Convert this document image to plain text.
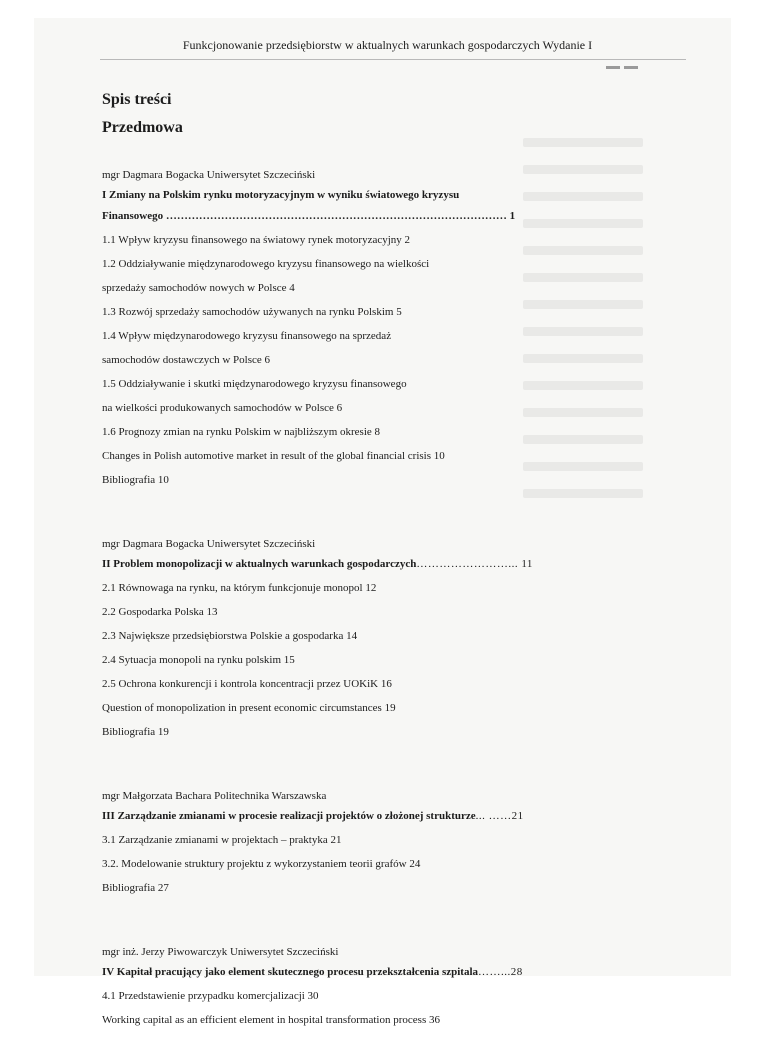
Funkcjonowanie przedsiębiorstw w aktualnych warunkach gospodarczych Wydanie I

Spis treści

Przedmowa

mgr Dagmara Bogacka Uniwersytet Szczeciński
I Zmiany na Polskim rynku motoryzacyjnym w wyniku światowego kryzysu
Finansowego ………………………………………………………………………………… 1
1.1 Wpływ kryzysu finansowego na światowy rynek motoryzacyjny 2
1.2 Oddziaływanie międzynarodowego kryzysu finansowego na wielkości
sprzedaży samochodów nowych w Polsce 4
1.3 Rozwój sprzedaży samochodów używanych na rynku Polskim 5
1.4 Wpływ międzynarodowego kryzysu finansowego na sprzedaż
samochodów dostawczych w Polsce 6
1.5 Oddziaływanie i skutki międzynarodowego kryzysu finansowego
na wielkości produkowanych samochodów w Polsce 6
1.6 Prognozy zmian na rynku Polskim w najbliższym okresie 8
Changes in Polish automotive market in result of the global financial crisis 10
Bibliografia 10
mgr Dagmara Bogacka Uniwersytet Szczeciński
II Problem monopolizacji w aktualnych warunkach gospodarczych……………………... 11
2.1 Równowaga na rynku, na którym funkcjonuje monopol 12
2.2 Gospodarka Polska 13
2.3 Największe przedsiębiorstwa Polskie a gospodarka 14
2.4 Sytuacja monopoli na rynku polskim 15
2.5 Ochrona konkurencji i kontrola koncentracji przez UOKiK 16
Question of monopolization in present economic circumstances 19
Bibliografia 19
mgr Małgorzata Bachara Politechnika Warszawska
III Zarządzanie zmianami w procesie realizacji projektów o złożonej strukturze... ……21
3.1 Zarządzanie zmianami w projektach – praktyka 21
3.2. Modelowanie struktury projektu z wykorzystaniem teorii grafów 24
Bibliografia 27
mgr inż. Jerzy Piwowarczyk Uniwersytet Szczeciński
IV Kapitał pracujący jako element skutecznego procesu przekształcenia szpitala……...28
4.1 Przedstawienie przypadku komercjalizacji 30
Working capital as an efficient element in hospital transformation process 36
